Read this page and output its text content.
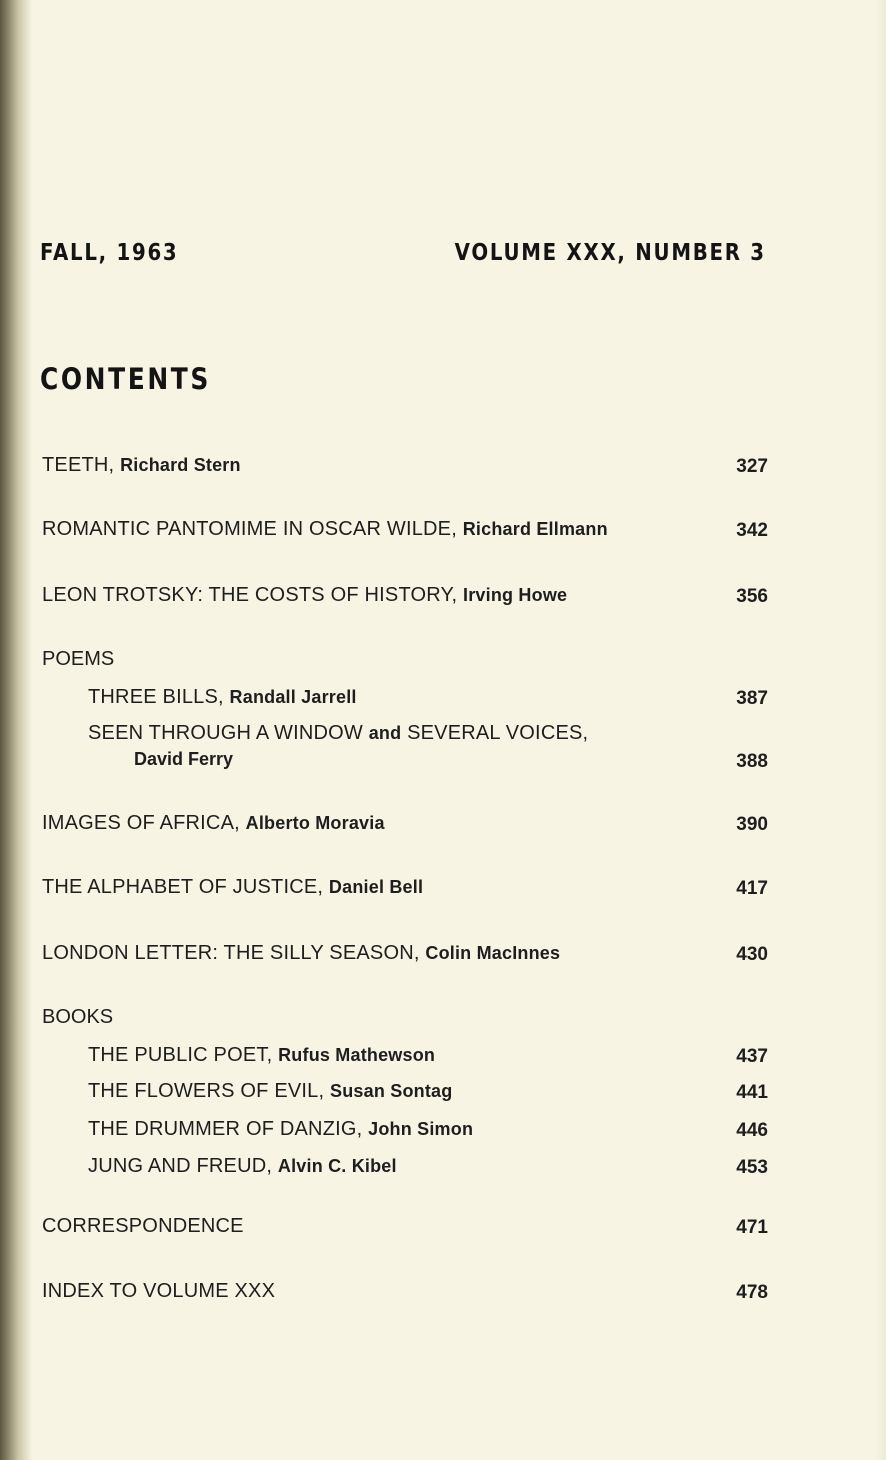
FALL, 1963	VOLUME XXX, NUMBER 3
CONTENTS
TEETH, Richard Stern	327
ROMANTIC PANTOMIME IN OSCAR WILDE, Richard Ellmann	342
LEON TROTSKY: THE COSTS OF HISTORY, Irving Howe	356
POEMS
THREE BILLS, Randall Jarrell	387
SEEN THROUGH A WINDOW and SEVERAL VOICES,
David Ferry	388
IMAGES OF AFRICA, Alberto Moravia	390
THE ALPHABET OF JUSTICE, Daniel Bell	417
LONDON LETTER: THE SILLY SEASON, Colin MacInnes	430
BOOKS
THE PUBLIC POET, Rufus Mathewson	437
THE FLOWERS OF EVIL, Susan Sontag	441
THE DRUMMER OF DANZIG, John Simon	446
JUNG AND FREUD, Alvin C. Kibel	453
CORRESPONDENCE	471
INDEX TO VOLUME XXX	478
